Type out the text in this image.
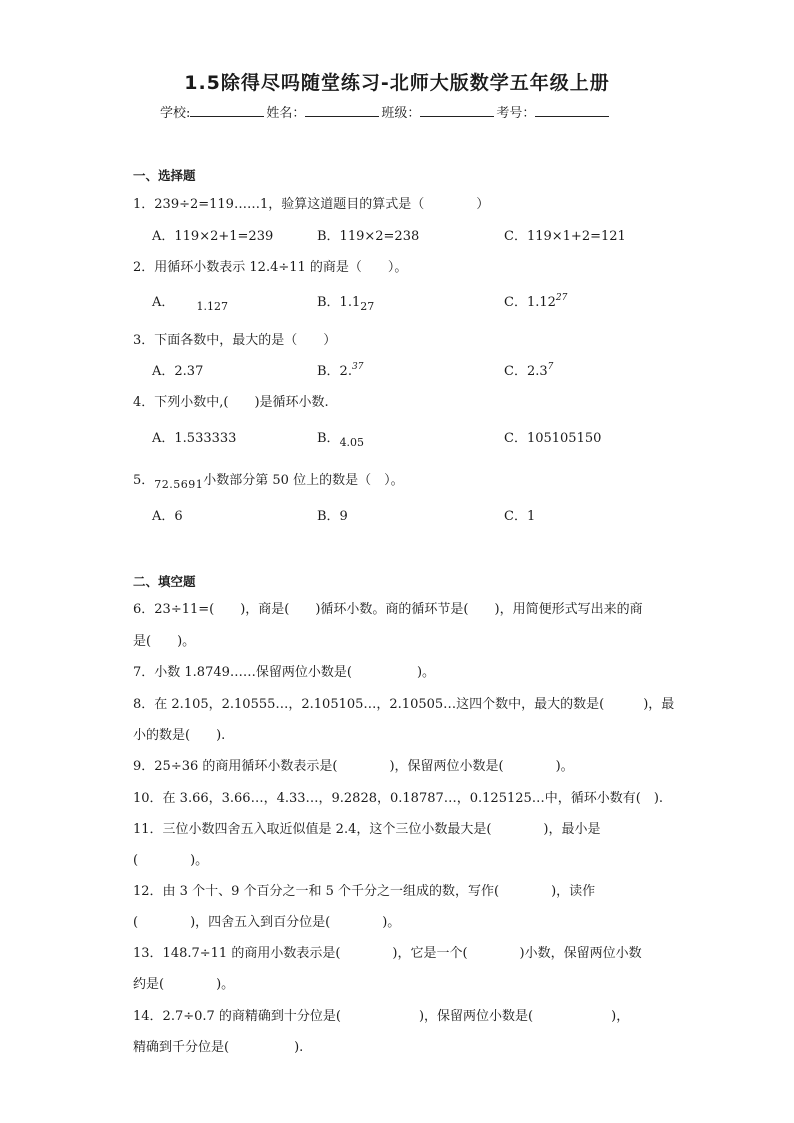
1.5除得尽吗随堂练习-北师大版数学五年级上册
学校:	姓名：	班级：	考号：
一、选择题
1．239÷2=119……1，验算这道题目的算式是（　　　　）
A．119×2+1=239	B．119×2=238	C．119×1+2=121
2．用循环小数表示 12.4÷11 的商是（　　）。
A． $_{1.127}$	B．$1.1_{27}$	C．1.12$^{27}$
3．下面各数中，最大的是（　　）
A．2.37	B．2.37	C．$2.3^7$
4．下列小数中,(　　)是循环小数.
A．1.533333	B．$_{4.05}$	C．105105150
5．$_{72.5691}$小数部分第 50 位上的数是（　）。
A．6	B．9	C．1
二、填空题
6．23÷11=(　　)，商是(　　)循环小数。商的循环节是(　　)，用简便形式写出来的商
是(　　)。
7．小数 1.8749……保留两位小数是(　　　　　)。
8．在 2.105，2.10555…，2.105105…，2.10505…这四个数中，最大的数是(　　　)，最
小的数是(　　).
9．25÷36 的商用循环小数表示是(　　　　)，保留两位小数是(　　　　)。
10．在 3.66，3.66…，4.33…，9.2828，0.18787…，0.125125…中，循环小数有(　).
11．三位小数四舍五入取近似值是 2.4，这个三位小数最大是(　　　　)，最小是
(　　　　)。
12．由 3 个十、9 个百分之一和 5 个千分之一组成的数，写作(　　　　)，读作
(　　　　)，四舍五入到百分位是(　　　　)。
13．148.7÷11 的商用小数表示是(　　　　)，它是一个(　　　　)小数，保留两位小数
约是(　　　　)。
14．2.7÷0.7 的商精确到十分位是(　　　　　　)，保留两位小数是(　　　　　　)，
精确到千分位是(　　　　　).
